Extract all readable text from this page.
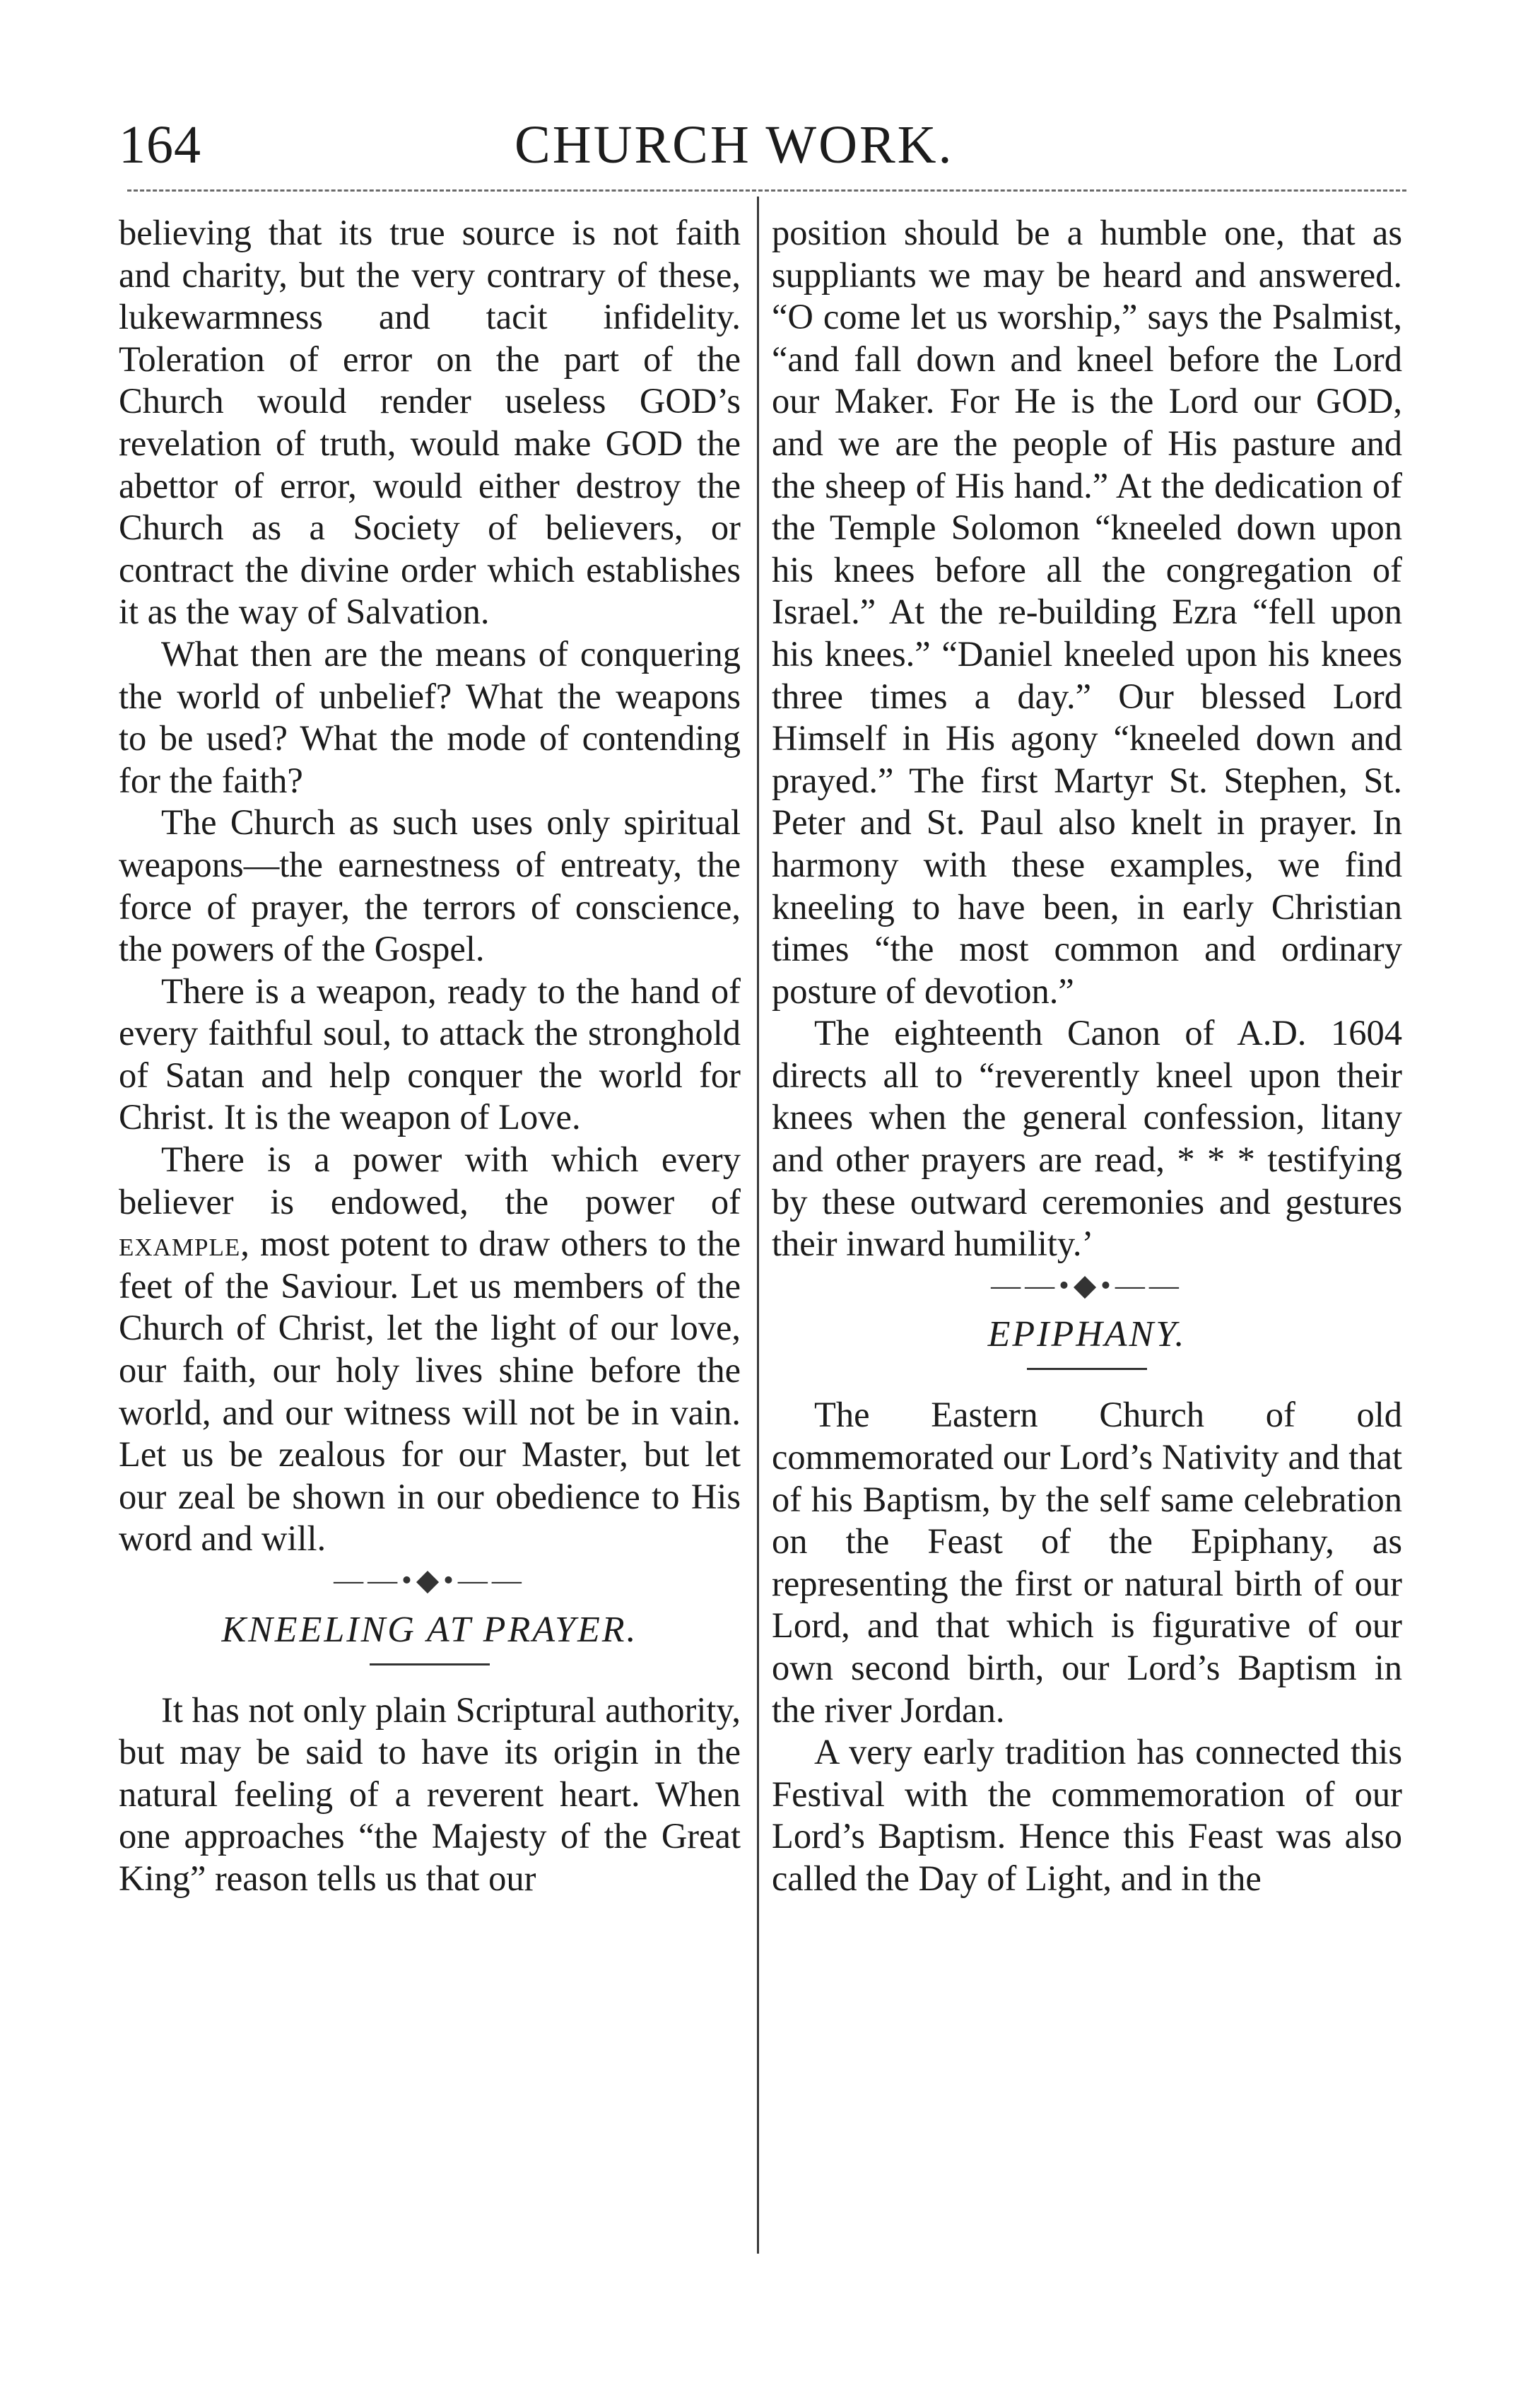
164	CHURCH WORK.

believing that its true source is not faith and charity, but the very contrary of these, lukewarmness and tacit infidelity. Toleration of error on the part of the Church would render useless GOD’s revelation of truth, would make GOD the abettor of error, would either destroy the Church as a Society of believers, or contract the divine order which establishes it as the way of Salvation.

What then are the means of conquering the world of unbelief? What the weapons to be used? What the mode of contending for the faith?

The Church as such uses only spiritual weapons—the earnestness of entreaty, the force of prayer, the terrors of conscience, the powers of the Gospel.

There is a weapon, ready to the hand of every faithful soul, to attack the stronghold of Satan and help conquer the world for Christ. It is the weapon of Love.

There is a power with which every believer is endowed, the power of example, most potent to draw others to the feet of the Saviour. Let us members of the Church of Christ, let the light of our love, our faith, our holy lives shine before the world, and our witness will not be in vain. Let us be zealous for our Master, but let our zeal be shown in our obedience to His word and will.

——•◆•——
KNEELING AT PRAYER.

It has not only plain Scriptural authority, but may be said to have its origin in the natural feeling of a reverent heart. When one approaches “the Majesty of the Great King” reason tells us that our

position should be a humble one, that as suppliants we may be heard and answered. “O come let us worship,” says the Psalmist, “and fall down and kneel before the Lord our Maker. For He is the Lord our GOD, and we are the people of His pasture and the sheep of His hand.” At the dedication of the Temple Solomon “kneeled down upon his knees before all the congregation of Israel.” At the re-building Ezra “fell upon his knees.” “Daniel kneeled upon his knees three times a day.” Our blessed Lord Himself in His agony “kneeled down and prayed.” The first Martyr St. Stephen, St. Peter and St. Paul also knelt in prayer. In harmony with these examples, we find kneeling to have been, in early Christian times “the most common and ordinary posture of devotion.”

The eighteenth Canon of A.D. 1604 directs all to “reverently kneel upon their knees when the general confession, litany and other prayers are read, * * * testifying by these outward ceremonies and gestures their inward humility.’

——•◆•——
EPIPHANY.

The Eastern Church of old commemorated our Lord’s Nativity and that of his Baptism, by the self same celebration on the Feast of the Epiphany, as representing the first or natural birth of our Lord, and that which is figurative of our own second birth, our Lord’s Baptism in the river Jordan.

A very early tradition has connected this Festival with the commemoration of our Lord’s Baptism. Hence this Feast was also called the Day of Light, and in the
